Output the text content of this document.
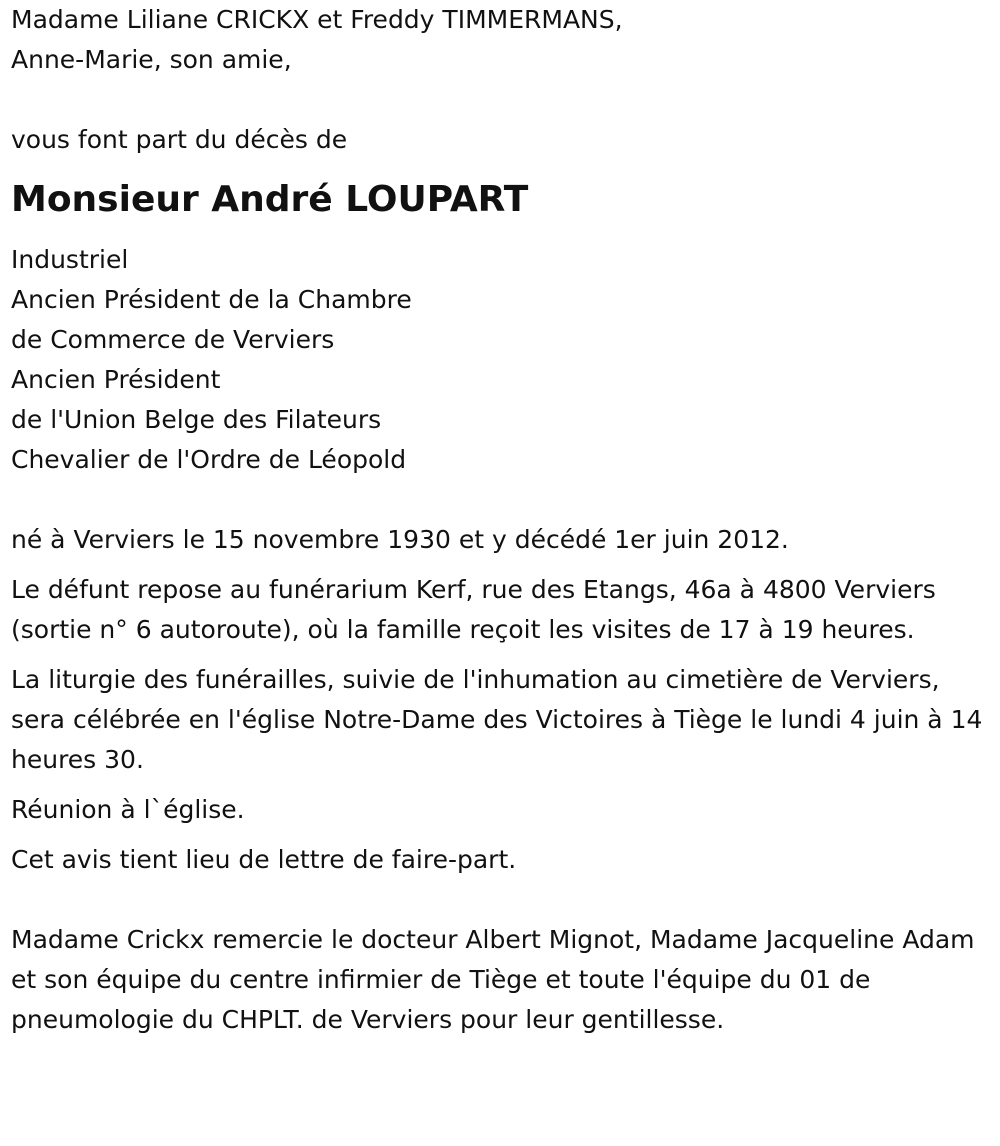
Madame Liliane CRICKX et Freddy TIMMERMANS,
Anne-Marie, son amie,
vous font part du décès de
Monsieur André LOUPART
Industriel
Ancien Président de la Chambre
de Commerce de Verviers
Ancien Président
de l'Union Belge des Filateurs
Chevalier de l'Ordre de Léopold
né à Verviers le 15 novembre 1930 et y décédé 1er juin 2012.
Le défunt repose au funérarium Kerf, rue des Etangs, 46a à 4800 Verviers (sortie n° 6 autoroute), où la famille reçoit les visites de 17 à 19 heures.
La liturgie des funérailles, suivie de l'inhumation au cimetière de Verviers, sera célébrée en l'église Notre-Dame des Victoires à Tiège le lundi 4 juin à 14 heures 30.
Réunion à l`église.
Cet avis tient lieu de lettre de faire-part.
Madame Crickx remercie le docteur Albert Mignot, Madame Jacqueline Adam et son équipe du centre infirmier de Tiège et toute l'équipe du 01 de pneumologie du CHPLT. de Verviers pour leur gentillesse.
